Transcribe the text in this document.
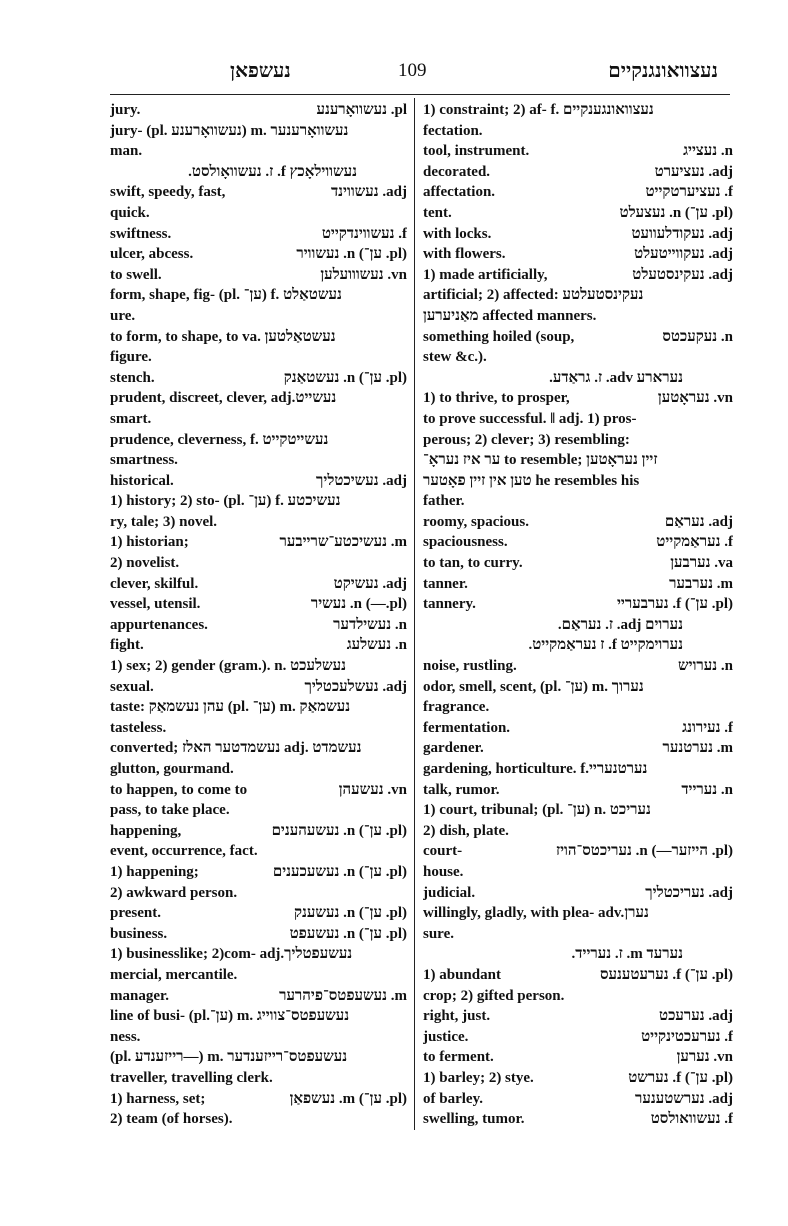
נעשפאן	109	נעצוואונגנקיים
jury.	pl. נעשוואָרענע
jury- (pl. נעשוואָרענע) m. נעשוואָרענער
man.
נעשווילאָכץ f. ז. נעשוואָולסט.
swift, speedy, fast,	adj. נעשווינד
quick.
swiftness.	f. נעשווינדקייט
ulcer, abcess.	(pl. ען־) n. נעשוויר
to swell.	vn. נעשווועלען
form, shape, fig- (pl. ען־) f. נעשטאַלט
ure.
to form, to shape, to va. נעשטאַלטען
figure.
stench.	(pl. ען־) n. נעשטאַנק
prudent, discreet, clever, adj.נעשייט
smart.
prudence, cleverness, f. נעשייטקייט
smartness.
historical.	adj. נעשיכטליך
1) history; 2) sto- (pl. ען־) f. נעשיכטע
ry, tale; 3) novel.
1) historian;	m. נעשיכטע־שרייבער
2) novelist.
clever, skilful.	adj. נעשיקט
vessel, utensil.	(pl.—) n. נעשיר
appurtenances.	n. נעשילדער
fight.	n. נעשלעג
1) sex; 2) gender (gram.). n. נעשלעכט
sexual.	adj. נעשלעכטליך
taste: עהן נעשמאַק (pl. ען־) m. נעשמאַק
tasteless.
converted; נעשמדטער האלז adj. נעשמדט
glutton, gourmand.
to happen, to come to	vn. נעשעהן
pass, to take place.
happening,	(pl. ען־) n. נעשעהענים
event, occurrence, fact.
1) happening;	(pl. ען־) n. נעשעכענים
2) awkward person.
present.	(pl. ען־) n. נעשענק
business.	(pl. ען־) n. נעשעפט
1) businesslike; 2)com- adj.נעשעפטליך
mercial, mercantile.
manager.	m. נעשעפטס־פיהרער
line of busi- (pl.ען־) m. נעשעפטס־צווייג
ness.
(pl. רייזענדע—) m. נעשעפטס־רייזענדער
traveller, travelling clerk.
1) harness, set;	(pl. ען־) m. נעשפאַן
2) team (of horses).
1) constraint; 2) af- f. נעצוואונגענקיים
fectation.
tool, instrument.	n. נעצייג
decorated.	adj. נעציערט
affectation.	f. נעציערטקייט
tent.	(pl. ען־) n. נעצעלט
with locks.	adj. נעקודלעוועט
with flowers.	adj. נעקווייטעלט
1) made artificially,	adj. נעקינסטעלט
artificial; 2) affected: נעקינסטעלטע
מאַניערען affected manners.
something hoiled (soup,	n. נעקעכטס
stew &c.).
נערארע adv. ז. גראַדע.
1) to thrive, to prosper,	vn. נעראָטען
to prove successful. ‖ adj. 1) pros-
perous; 2) clever; 3) resembling:
ער איז נעראָ־ to resemble; זיין נעראָטען
טען אין זיין פאָטער he resembles his
father.
roomy, spacious.	adj. נעראַם
spaciousness.	f. נעראַמקייט
to tan, to curry.	va. נערבען
tanner.	m. נערבער
tannery.	(pl. ען־) f. נערבעריי
נערוים adj. ז. נעראַם.
נערוימקייט f. ז נעראַמקייט.
noise, rustling.	n. נערויש
odor, smell, scent, (pl. ען־) m. נערוך
fragrance.
fermentation.	f. נעירונג
gardener.	m. נערטנער
gardening, horticulture. f.נערטנעריי
talk, rumor.	n. נערייד
1) court, tribunal; (pl. ען־) n. נעריכט
2) dish, plate.
court-	(pl. הייזער—) n. נעריכטס־הויז
house.
judicial.	adj. נעריכטליך
willingly, gladly, with plea- adv.נערן
sure.
נערעד m. ז. נערייד.
1) abundant	(pl. ען־) f. נערעטענעס
crop; 2) gifted person.
right, just.	adj. נערעכט
justice.	f. נערעכטינקייט
to ferment.	vn. נערען
1) barley; 2) stye.	(pl. ען־) f. נערשט
of barley.	adj. נערשטענער
swelling, tumor.	f. נעשוואולסט
